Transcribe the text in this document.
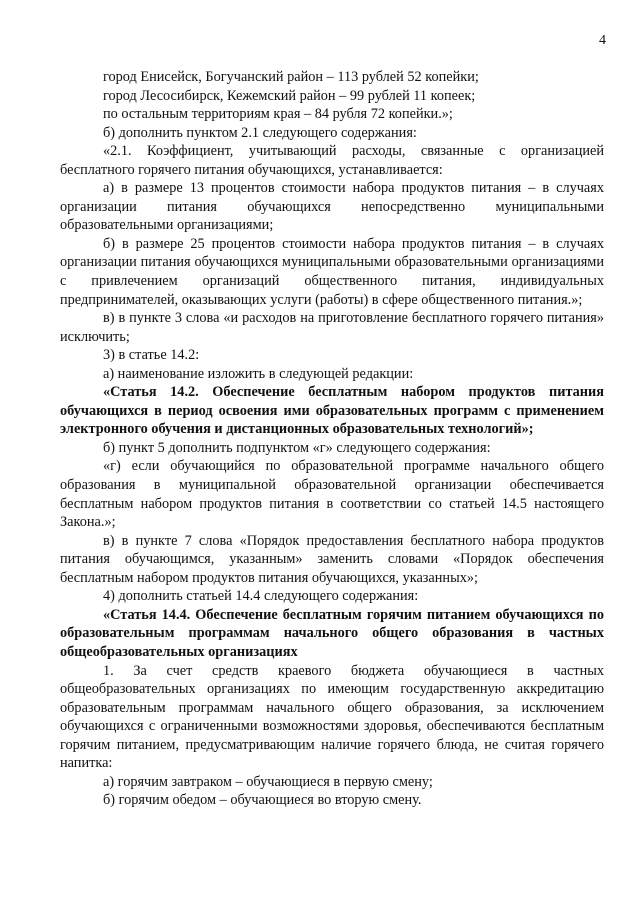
4

город Енисейск, Богучанский район – 113 рублей 52 копейки;

город Лесосибирск, Кежемский район – 99 рублей 11 копеек;

по остальным территориям края – 84 рубля 72 копейки.»;

б) дополнить пунктом 2.1 следующего содержания:

«2.1. Коэффициент, учитывающий расходы, связанные с организацией бесплатного горячего питания обучающихся, устанавливается:

а) в размере 13 процентов стоимости набора продуктов питания – в случаях организации питания обучающихся непосредственно муниципальными образовательными организациями;

б) в размере 25 процентов стоимости набора продуктов питания – в случаях организации питания обучающихся муниципальными образовательными организациями с привлечением организаций общественного питания, индивидуальных предпринимателей, оказывающих услуги (работы) в сфере общественного питания.»;

в) в пункте 3 слова «и расходов на приготовление бесплатного горячего питания» исключить;

3) в статье 14.2:

а) наименование изложить в следующей редакции:

«Статья 14.2. Обеспечение бесплатным набором продуктов питания обучающихся в период освоения ими образовательных программ с применением электронного обучения и дистанционных образовательных технологий»;

б) пункт 5 дополнить подпунктом «г» следующего содержания:

«г) если обучающийся по образовательной программе начального общего образования в муниципальной образовательной организации обеспечивается бесплатным набором продуктов питания в соответствии со статьей 14.5 настоящего Закона.»;

в) в пункте 7 слова «Порядок предоставления бесплатного набора продуктов питания обучающимся, указанным» заменить словами «Порядок обеспечения бесплатным набором продуктов питания обучающихся, указанных»;

4) дополнить статьей 14.4 следующего содержания:

«Статья 14.4. Обеспечение бесплатным горячим питанием обучающихся по образовательным программам начального общего образования в частных общеобразовательных организациях

1. За счет средств краевого бюджета обучающиеся в частных общеобразовательных организациях по имеющим государственную аккредитацию образовательным программам начального общего образования, за исключением обучающихся с ограниченными возможностями здоровья, обеспечиваются бесплатным горячим питанием, предусматривающим наличие горячего блюда, не считая горячего напитка:

а) горячим завтраком – обучающиеся в первую смену;

б) горячим обедом – обучающиеся во вторую смену.
